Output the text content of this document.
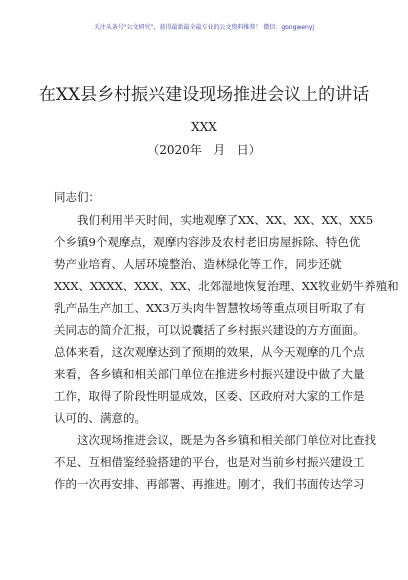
关注头条号"公文研究"，获得最新最全最专业的公文资料推荐！ 微信：gongwenyj
在XX县乡村振兴建设现场推进会议上的讲话
XXX
（2020年   月   日）
同志们：
我们利用半天时间，实地观摩了XX、XX、XX、XX、XX5
个乡镇9个观摩点，观摩内容涉及农村老旧房屋拆除、特色优
势产业培育、人居环境整治、造林绿化等工作，同步还就
XXX、XXXX、XXX、XX、北郊湿地恢复治理、XX牧业奶牛养殖和
乳产品生产加工、XX3万头肉牛智慧牧场等重点项目听取了有
关同志的简介汇报，可以说囊括了乡村振兴建设的方方面面。
总体来看，这次观摩达到了预期的效果，从今天观摩的几个点
来看，各乡镇和相关部门单位在推进乡村振兴建设中做了大量
工作，取得了阶段性明显成效，区委、区政府对大家的工作是
认可的、满意的。
这次现场推进会议，既是为各乡镇和相关部门单位对比查找
不足、互相借鉴经验搭建的平台，也是对当前乡村振兴建设工
作的一次再安排、再部署、再推进。刚才，我们书面传达学习
